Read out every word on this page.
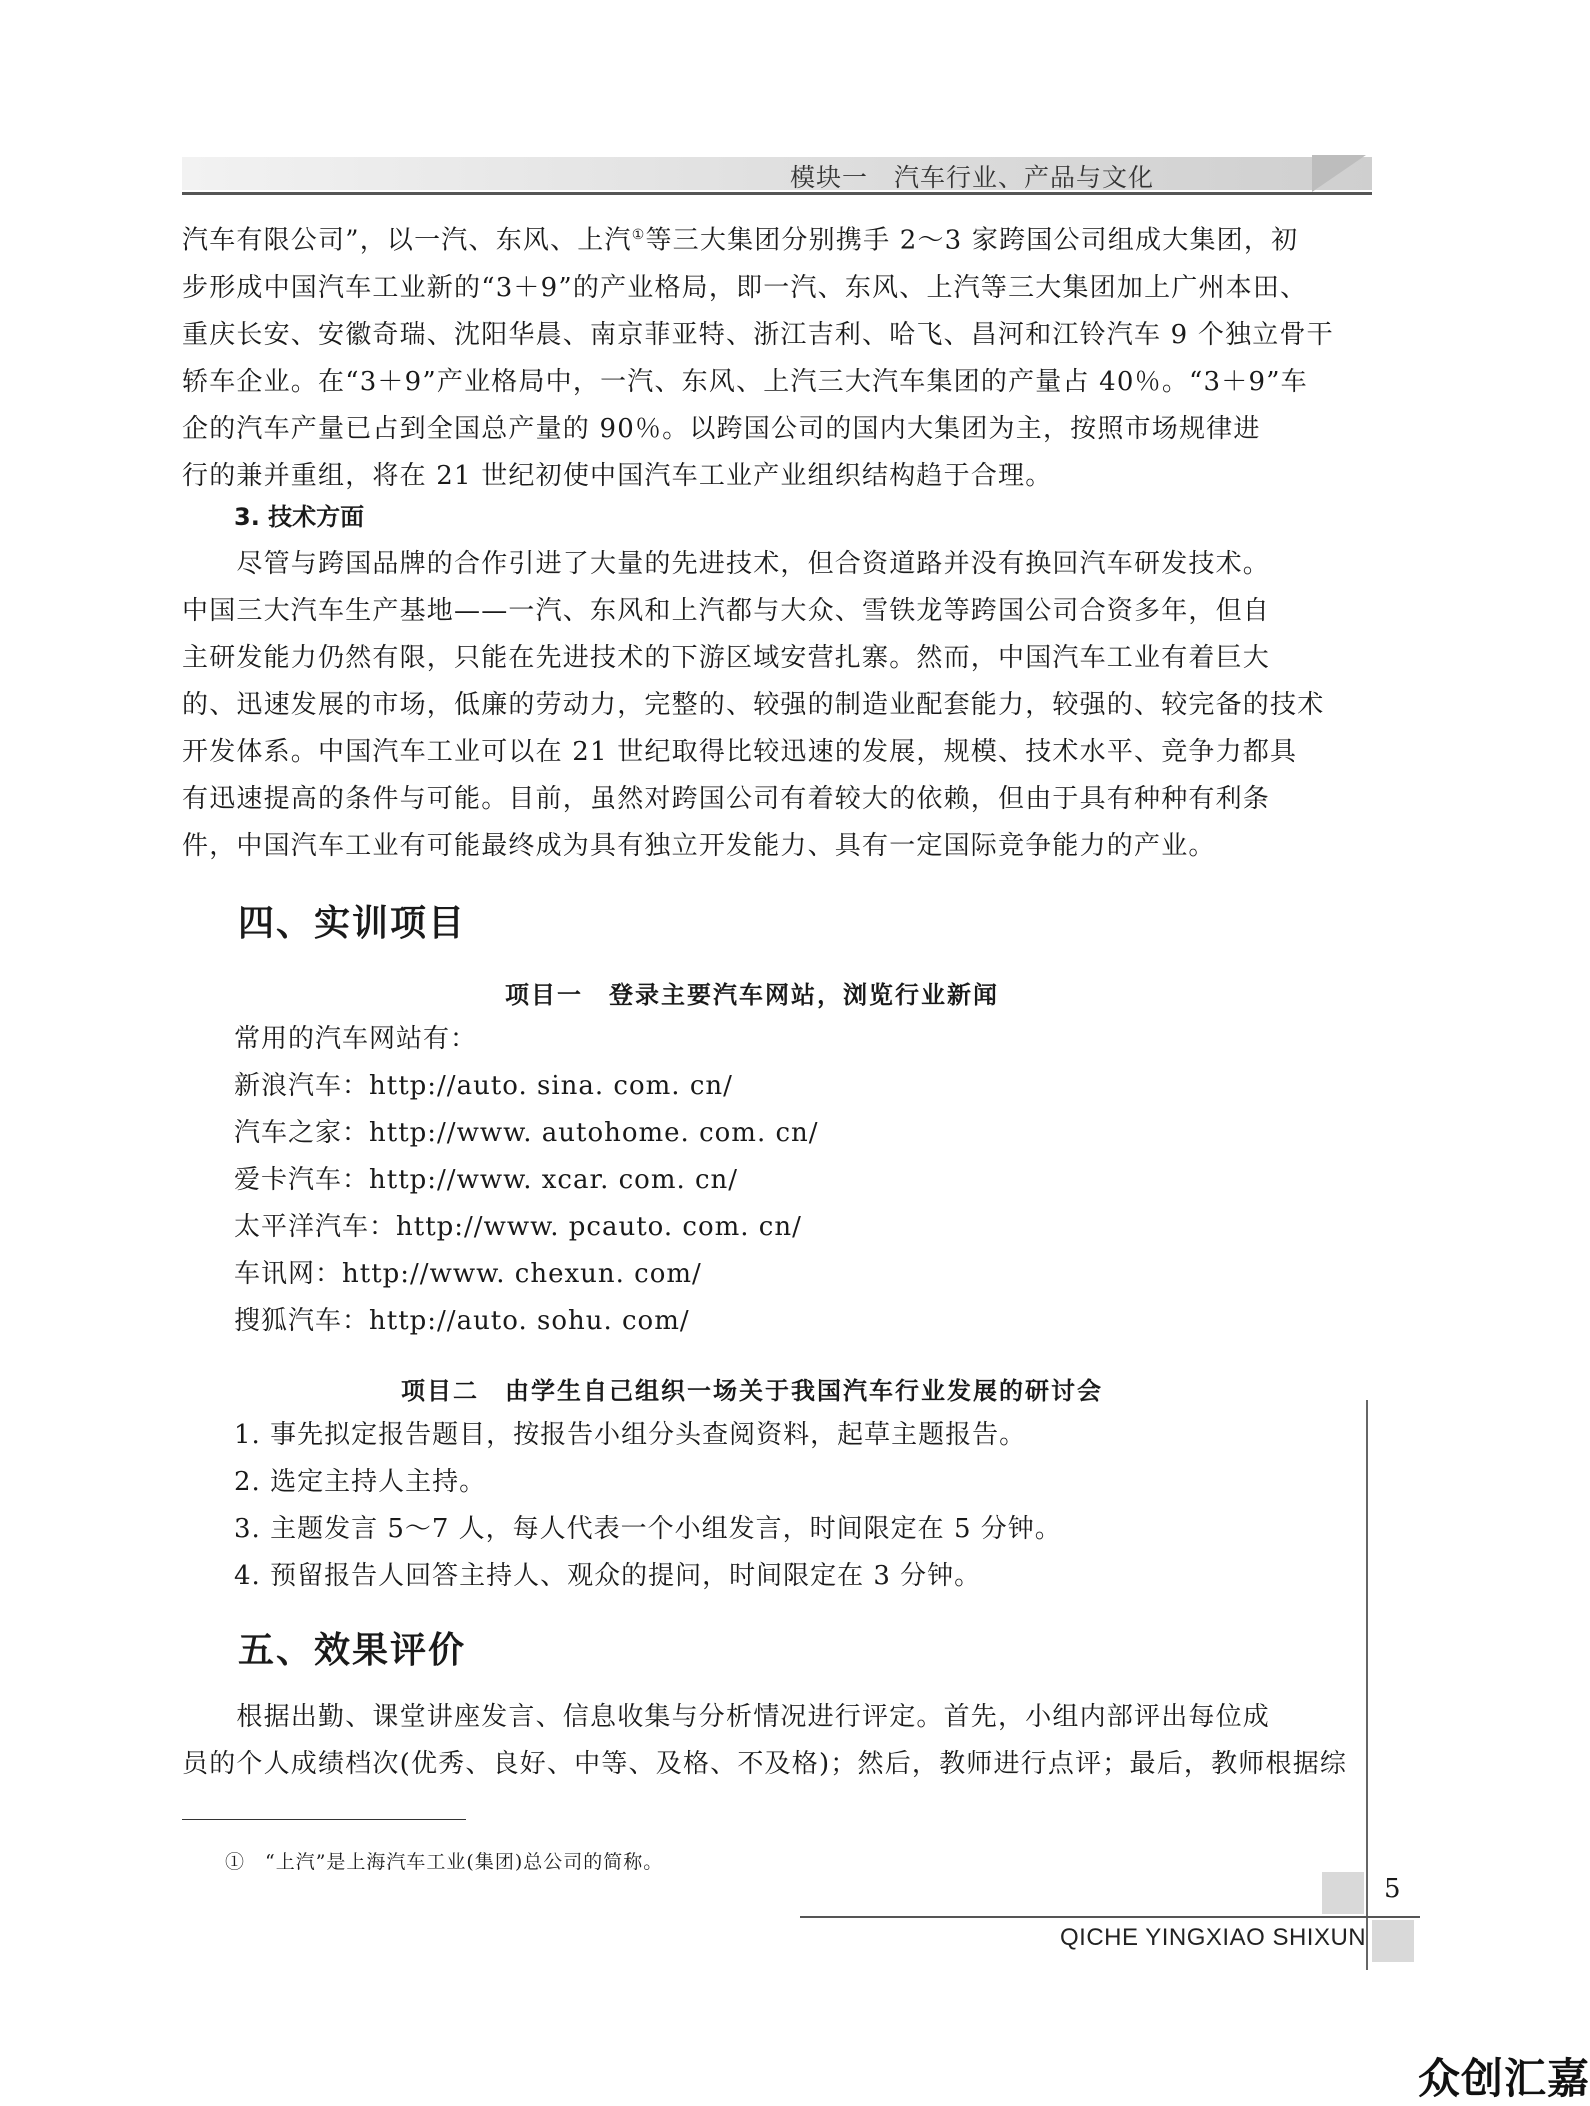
模块一　汽车行业、产品与文化
汽车有限公司”，以一汽、东风、上汽①等三大集团分别携手 2～3 家跨国公司组成大集团，初
步形成中国汽车工业新的“3＋9”的产业格局，即一汽、东风、上汽等三大集团加上广州本田、
重庆长安、安徽奇瑞、沈阳华晨、南京菲亚特、浙江吉利、哈飞、昌河和江铃汽车 9 个独立骨干
轿车企业。在“3＋9”产业格局中，一汽、东风、上汽三大汽车集团的产量占 40％。“3＋9”车
企的汽车产量已占到全国总产量的 90％。以跨国公司的国内大集团为主，按照市场规律进
行的兼并重组，将在 21 世纪初使中国汽车工业产业组织结构趋于合理。
3. 技术方面
　　尽管与跨国品牌的合作引进了大量的先进技术，但合资道路并没有换回汽车研发技术。
中国三大汽车生产基地——一汽、东风和上汽都与大众、雪铁龙等跨国公司合资多年，但自
主研发能力仍然有限，只能在先进技术的下游区域安营扎寨。然而，中国汽车工业有着巨大
的、迅速发展的市场，低廉的劳动力，完整的、较强的制造业配套能力，较强的、较完备的技术
开发体系。中国汽车工业可以在 21 世纪取得比较迅速的发展，规模、技术水平、竞争力都具
有迅速提高的条件与可能。目前，虽然对跨国公司有着较大的依赖，但由于具有种种有利条
件，中国汽车工业有可能最终成为具有独立开发能力、具有一定国际竞争能力的产业。
四、实训项目
项目一　登录主要汽车网站，浏览行业新闻
常用的汽车网站有：
新浪汽车：http://auto. sina. com. cn/
汽车之家：http://www. autohome. com. cn/
爱卡汽车：http://www. xcar. com. cn/
太平洋汽车：http://www. pcauto. com. cn/
车讯网：http://www. chexun. com/
搜狐汽车：http://auto. sohu. com/
项目二　由学生自己组织一场关于我国汽车行业发展的研讨会
1. 事先拟定报告题目，按报告小组分头查阅资料，起草主题报告。
2. 选定主持人主持。
3. 主题发言 5～7 人，每人代表一个小组发言，时间限定在 5 分钟。
4. 预留报告人回答主持人、观众的提问，时间限定在 3 分钟。
五、效果评价
　　根据出勤、课堂讲座发言、信息收集与分析情况进行评定。首先，小组内部评出每位成
员的个人成绩档次(优秀、良好、中等、及格、不及格)；然后，教师进行点评；最后，教师根据综
①　“上汽”是上海汽车工业(集团)总公司的简称。
5
QICHE YINGXIAO SHIXUN
众创汇嘉
